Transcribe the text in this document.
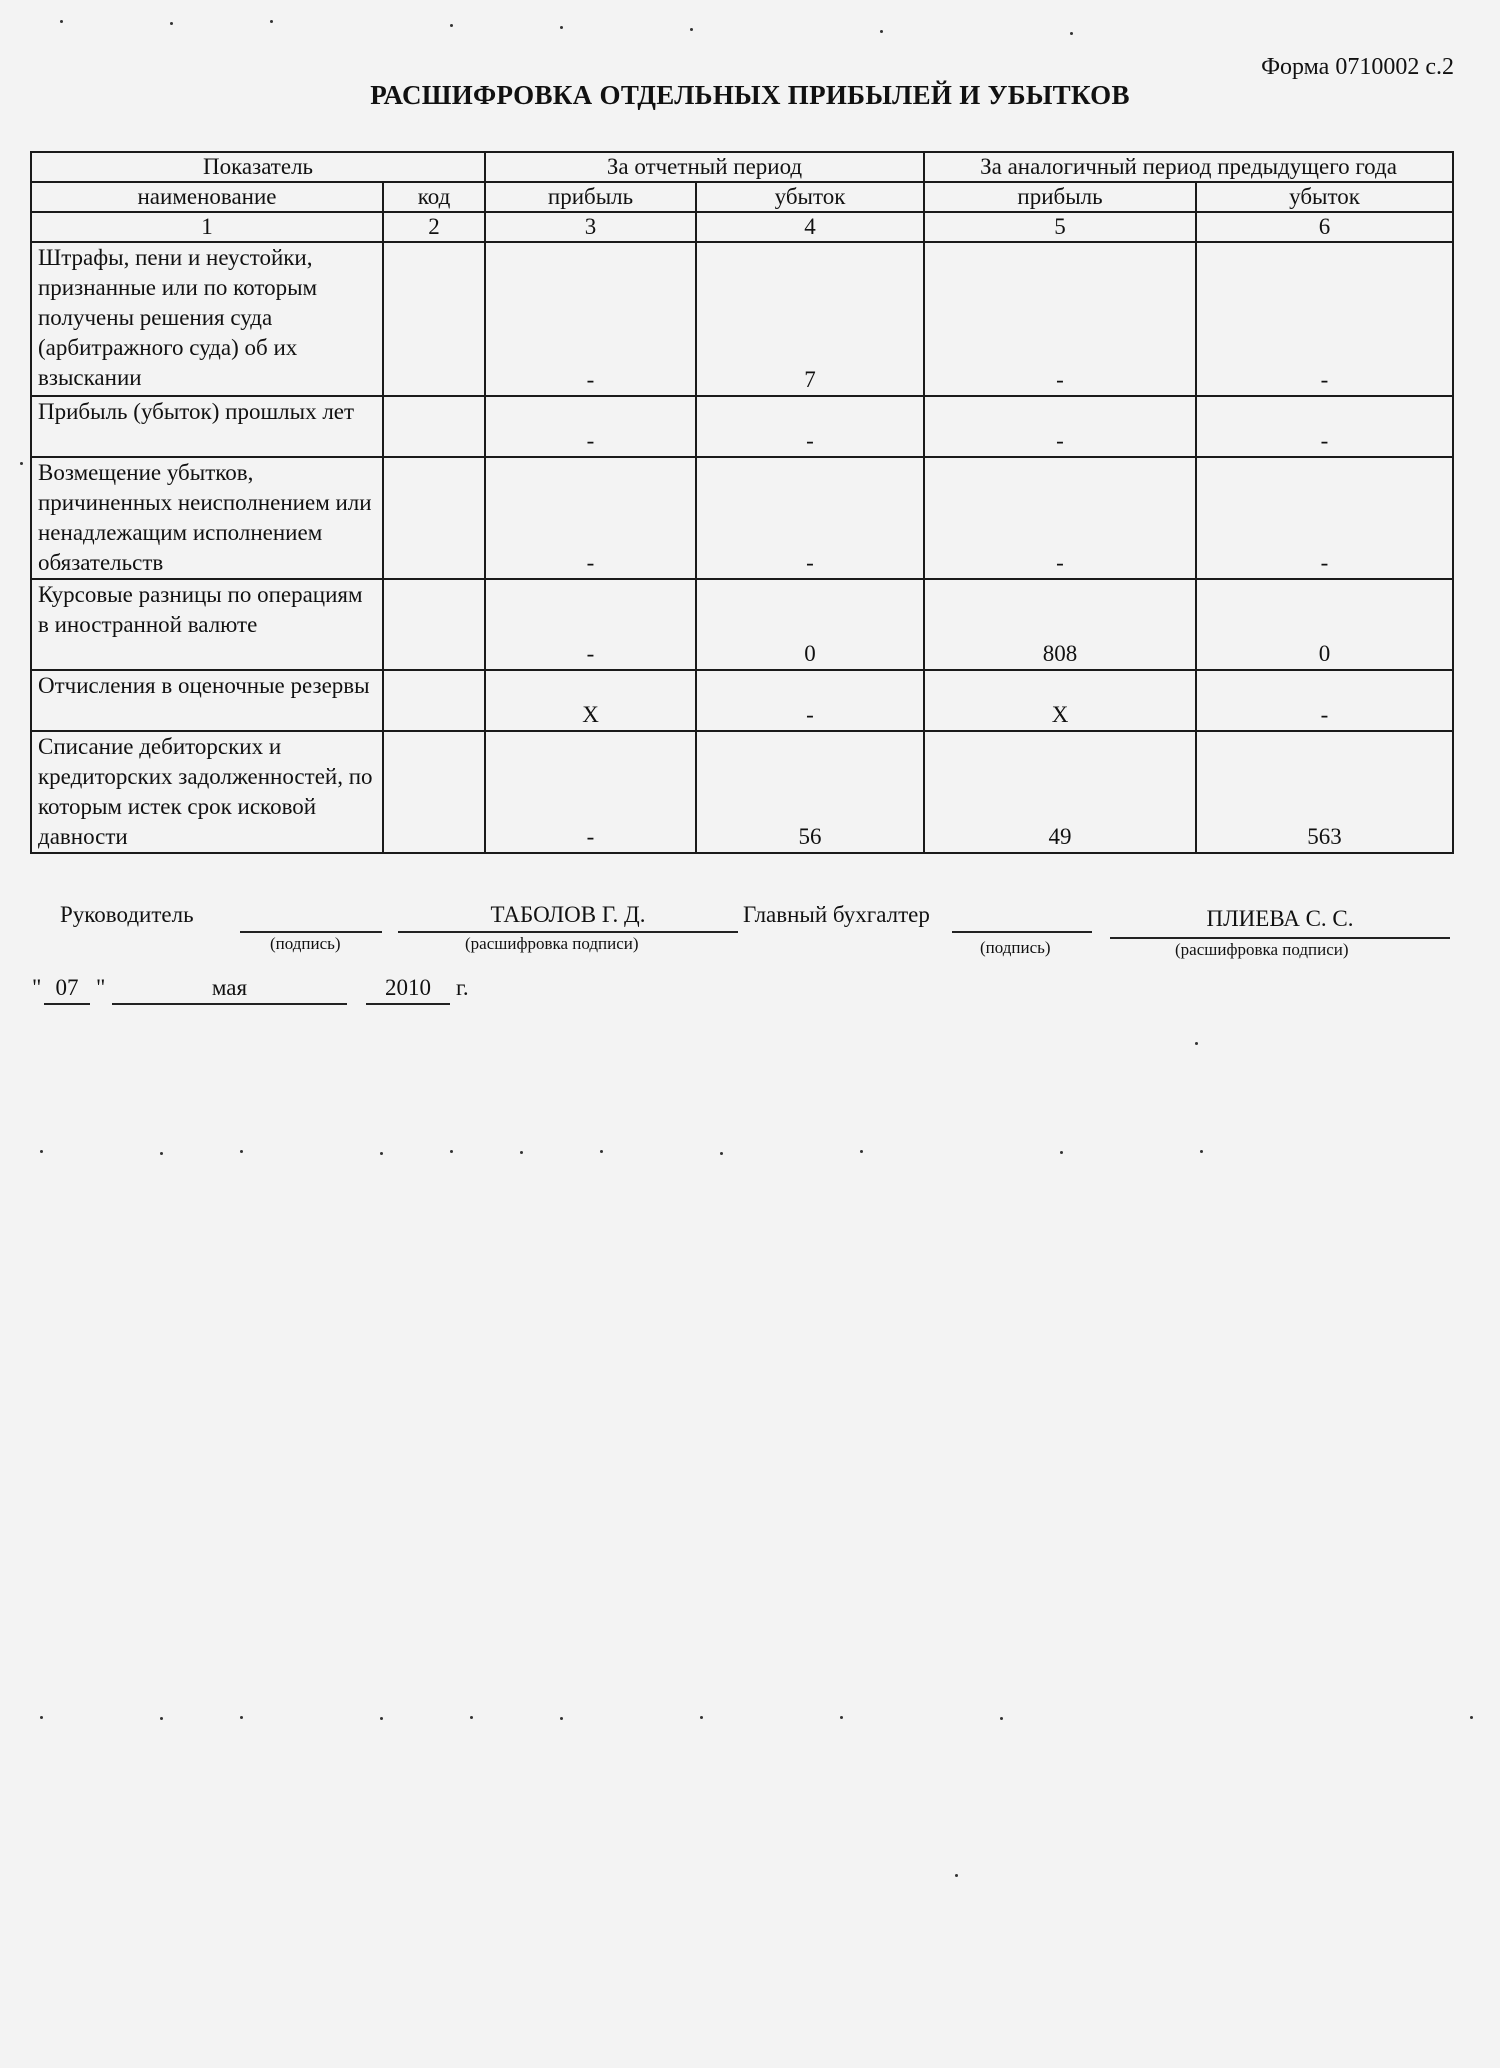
Форма 0710002 с.2
РАСШИФРОВКА ОТДЕЛЬНЫХ ПРИБЫЛЕЙ И УБЫТКОВ
Показатель		За отчетный период		За аналогичный период предыдущего года	
наименование	код	прибыль	убыток	прибыль	убыток
1	2	3	4	5	6
Штрафы, пени и неустойки, признанные или по которым получены решения суда (арбитражного суда) об их взыскании		-	7	-	-
Прибыль (убыток) прошлых лет		-	-	-	-
Возмещение убытков, причиненных неисполнением или ненадлежащим исполнением обязательств		-	-	-	-
Курсовые разницы по операциям в иностранной валюте		-	0	808	0
Отчисления в оценочные резервы		X	-	X	-
Списание дебиторских и кредиторских задолженностей, по которым истек срок исковой давности		-	56	49	563
Руководитель
(подпись)
ТАБОЛОВ Г. Д.
(расшифровка подписи)
Главный бухгалтер
(подпись)
ПЛИЕВА С. С.
(расшифровка подписи)
" 07 "	мая	2010	г.
